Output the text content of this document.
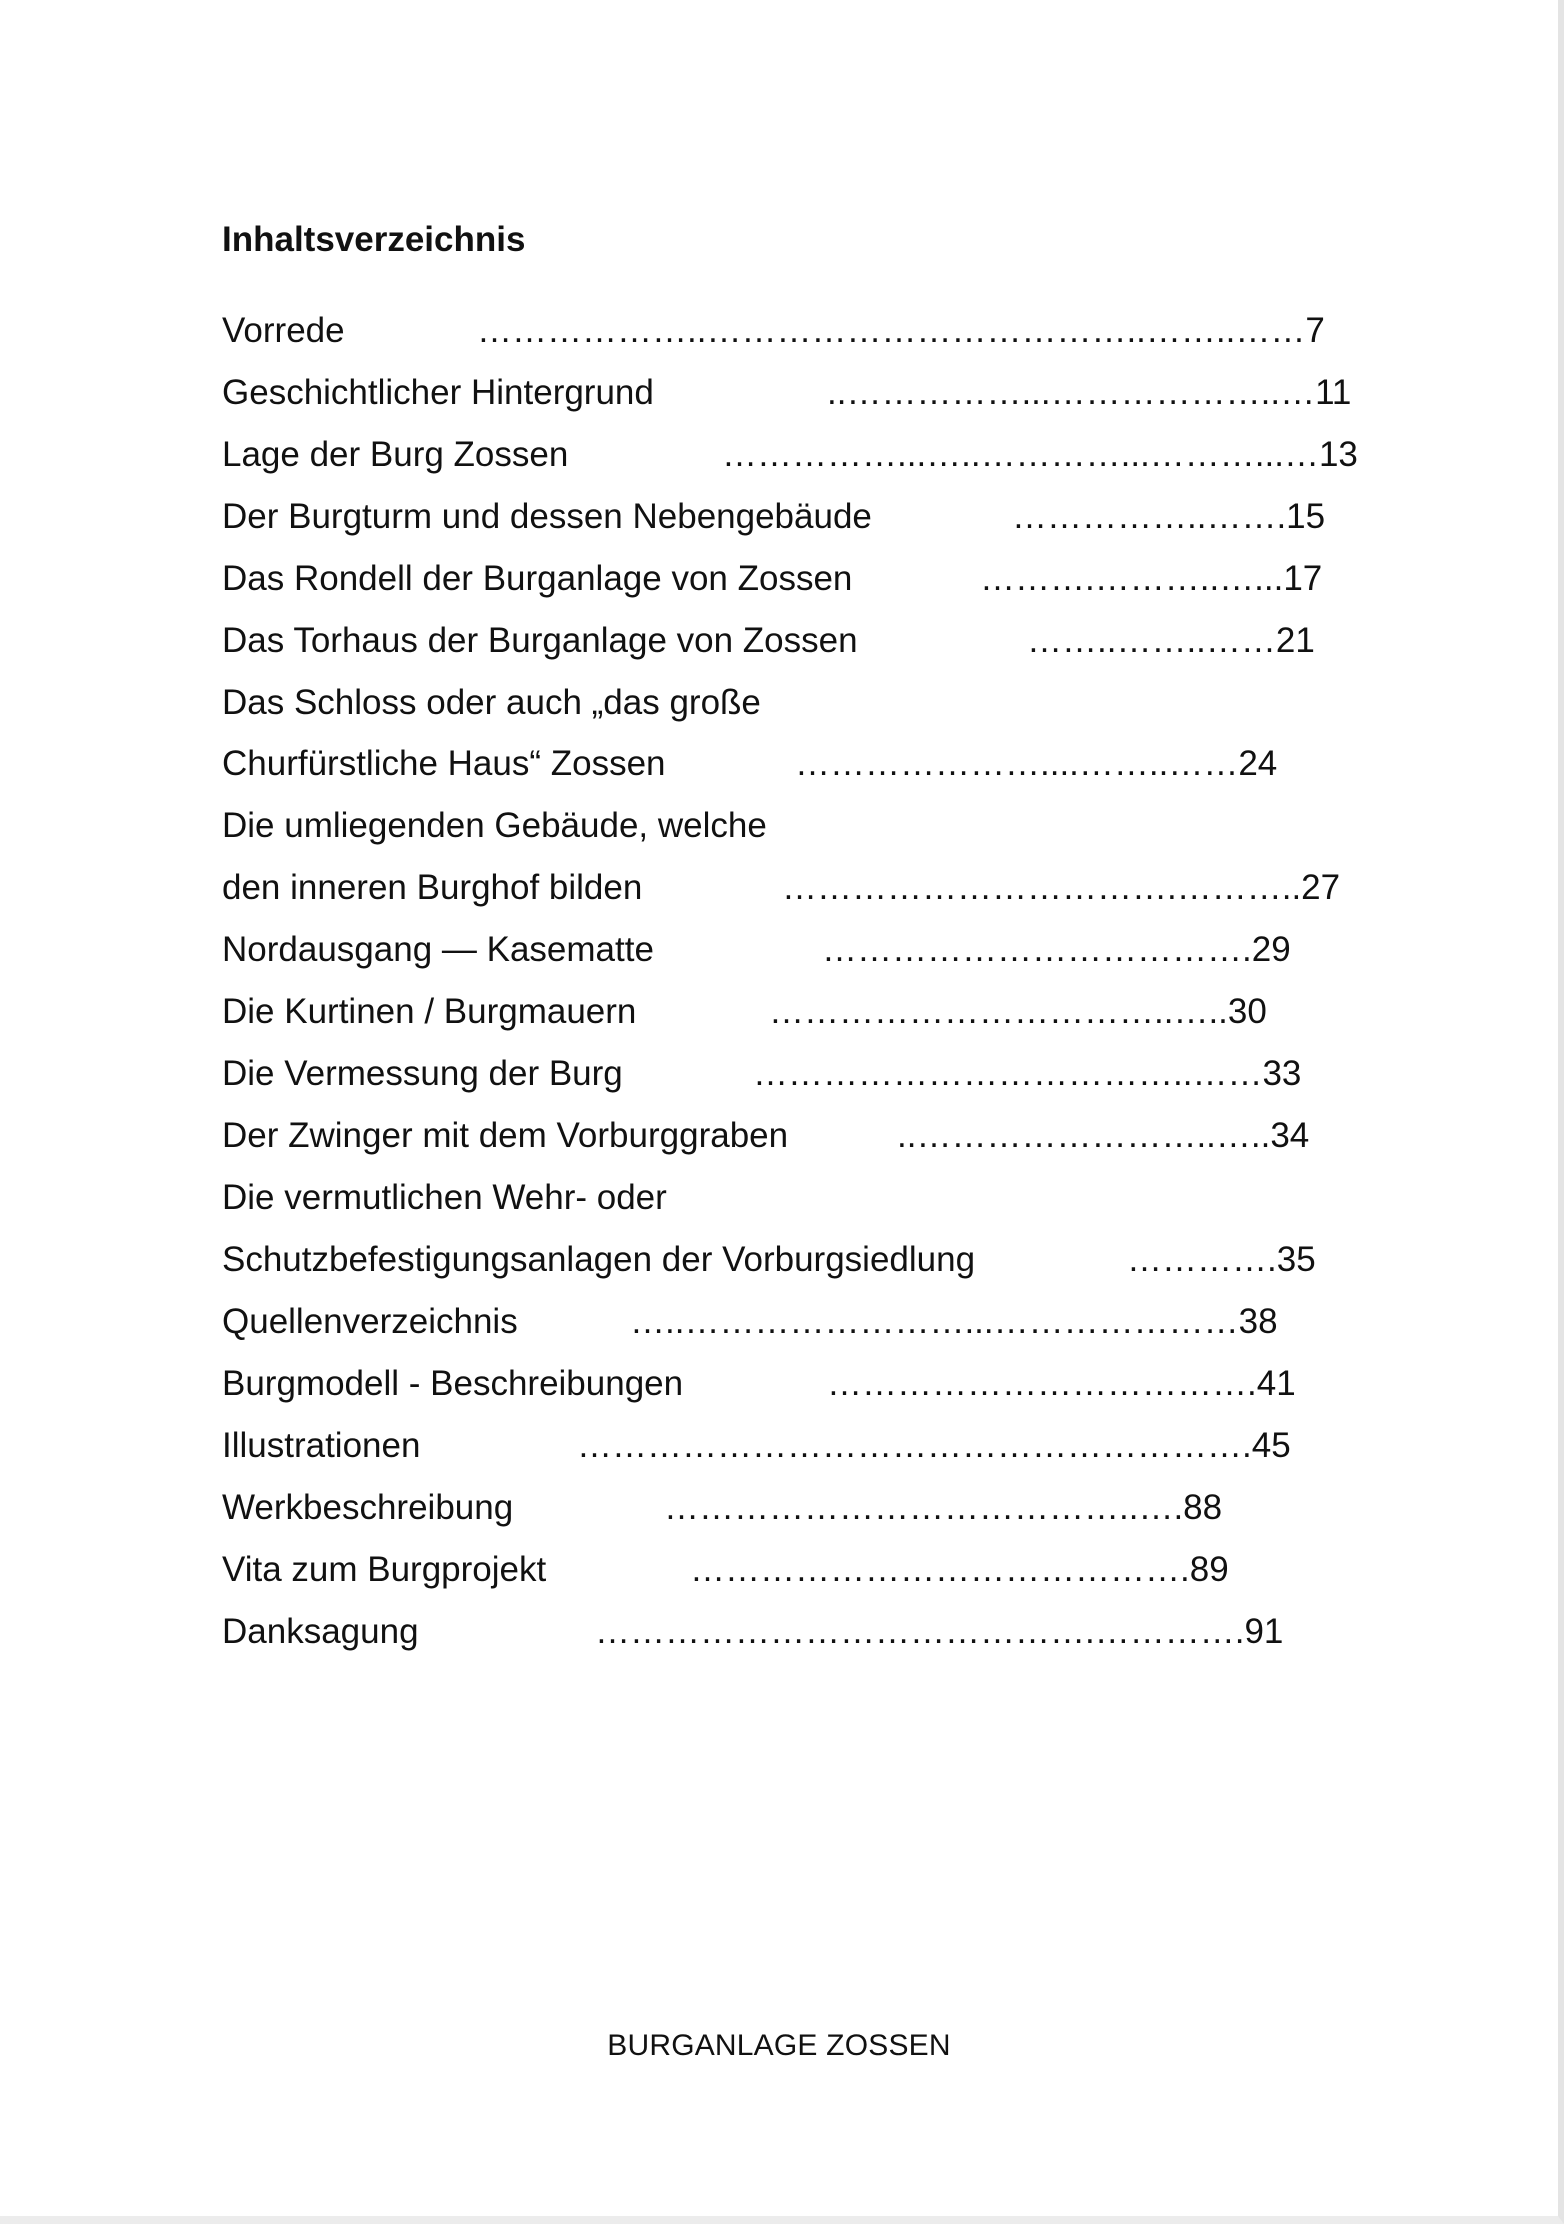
Inhaltsverzeichnis
Vorrede	………………..………………………………..……..……7
Geschichtlicher Hintergrund	..……………...………………..…11
Lage der Burg Zossen	……………...…..…………...………...…13
Der Burgturm und dessen Nebengebäude	……………..…….15
Das Rondell der Burganlage von Zossen	……….………..…...17
Das Torhaus der Burganlage von Zossen	……..……..……21
Das Schloss oder auch „das große
Churfürstliche Haus“ Zossen	…………………....……..……24
Die umliegenden Gebäude, welche
den inneren Burghof bilden	…………………………….………..27
Nordausgang — Kasematte	……………………………….29
Die Kurtinen / Burgmauern	……………………………..…..30
Die Vermessung der Burg	………………………………..……33
Der Zwinger mit dem Vorburggraben	..……………………..…..34
Die vermutlichen Wehr- oder
Schutzbefestigungsanlagen der Vorburgsiedlung	………….35
Quellenverzeichnis	…..……………………...…………………38
Burgmodell - Beschreibungen	……………………………….41
Illustrationen	………………………………………………….45
Werkbeschreibung	…………………………………..….88
Vita zum Burgprojekt	…………………………………….89
Danksagung	…………………………………….………….91
BURGANLAGE ZOSSEN
